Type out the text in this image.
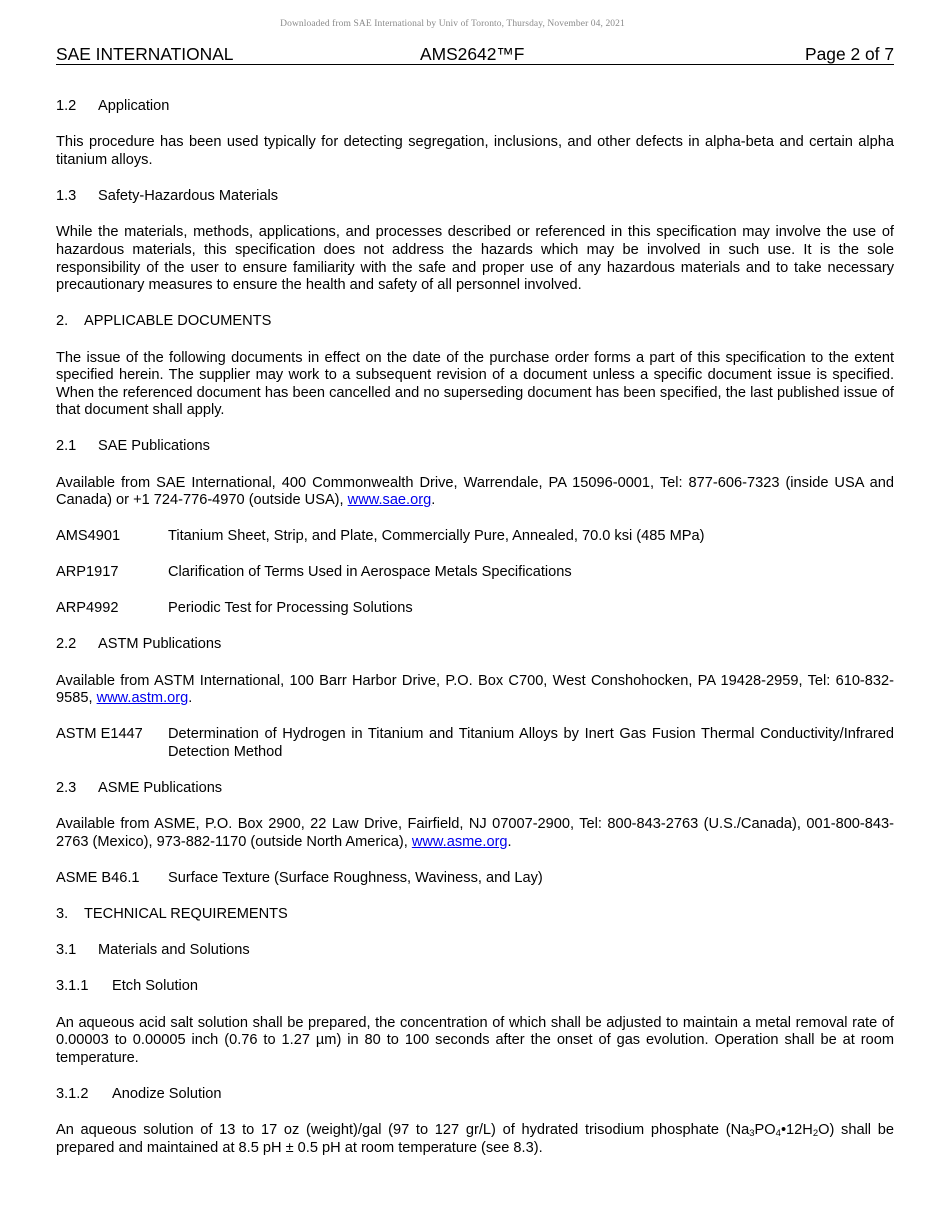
Downloaded from SAE International by Univ of Toronto, Thursday, November 04, 2021
SAE INTERNATIONAL	AMS2642™F	Page 2 of 7
1.2 Application

This procedure has been used typically for detecting segregation, inclusions, and other defects in alpha-beta and certain alpha titanium alloys.

1.3 Safety-Hazardous Materials

While the materials, methods, applications, and processes described or referenced in this specification may involve the use of hazardous materials, this specification does not address the hazards which may be involved in such use. It is the sole responsibility of the user to ensure familiarity with the safe and proper use of any hazardous materials and to take necessary precautionary measures to ensure the health and safety of all personnel involved.

2. APPLICABLE DOCUMENTS

The issue of the following documents in effect on the date of the purchase order forms a part of this specification to the extent specified herein. The supplier may work to a subsequent revision of a document unless a specific document issue is specified. When the referenced document has been cancelled and no superseding document has been specified, the last published issue of that document shall apply.

2.1 SAE Publications

Available from SAE International, 400 Commonwealth Drive, Warrendale, PA 15096-0001, Tel: 877-606-7323 (inside USA and Canada) or +1 724-776-4970 (outside USA), www.sae.org.

AMS4901	Titanium Sheet, Strip, and Plate, Commercially Pure, Annealed, 70.0 ksi (485 MPa)
ARP1917	Clarification of Terms Used in Aerospace Metals Specifications
ARP4992	Periodic Test for Processing Solutions
2.2 ASTM Publications

Available from ASTM International, 100 Barr Harbor Drive, P.O. Box C700, West Conshohocken, PA 19428-2959, Tel: 610-832-9585, www.astm.org.

ASTM E1447	Determination of Hydrogen in Titanium and Titanium Alloys by Inert Gas Fusion Thermal Conductivity/Infrared Detection Method
2.3 ASME Publications

Available from ASME, P.O. Box 2900, 22 Law Drive, Fairfield, NJ 07007-2900, Tel: 800-843-2763 (U.S./Canada), 001-800-843-2763 (Mexico), 973-882-1170 (outside North America), www.asme.org.

ASME B46.1	Surface Texture (Surface Roughness, Waviness, and Lay)
3. TECHNICAL REQUIREMENTS
3.1 Materials and Solutions
3.1.1 Etch Solution

An aqueous acid salt solution shall be prepared, the concentration of which shall be adjusted to maintain a metal removal rate of 0.00003 to 0.00005 inch (0.76 to 1.27 µm) in 80 to 100 seconds after the onset of gas evolution. Operation shall be at room temperature.

3.1.2 Anodize Solution

An aqueous solution of 13 to 17 oz (weight)/gal (97 to 127 gr/L) of hydrated trisodium phosphate $(Na_3PO_4•12H_2O)$ shall be prepared and maintained at 8.5 pH ± 0.5 pH at room temperature (see 8.3).
